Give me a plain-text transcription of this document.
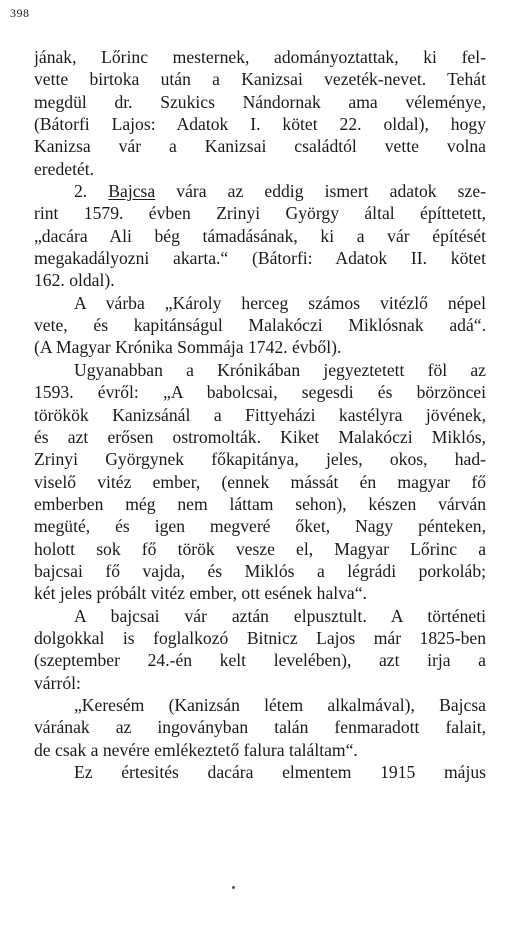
398
jának, Lőrinc mesternek, adományoztattak, ki fel-
vette birtoka után a Kanizsai vezeték-nevet. Tehát
megdül dr. Szukics Nándornak ama véleménye,
(Bátorfi Lajos: Adatok I. kötet 22. oldal), hogy
Kanizsa vár a Kanizsai családtól vette volna
eredetét.
2. Bajcsa vára az eddig ismert adatok sze-
rint 1579. évben Zrinyi György által építtetett,
„dacára Ali bég támadásának, ki a vár építését
megakadályozni akarta.“ (Bátorfi: Adatok II. kötet
162. oldal).
A várba „Károly herceg számos vitézlő népel
vete, és kapitánságul Malakóczi Miklósnak adá“.
(A Magyar Krónika Sommája 1742. évből).
Ugyanabban a Krónikában jegyeztetett föl az
1593. évről: „A babolcsai, segesdi és börzöncei
törökök Kanizsánál a Fittyeházi kastélyra jövének,
és azt erősen ostromolták. Kiket Malakóczi Miklós,
Zrinyi Györgynek főkapitánya, jeles, okos, had-
viselő vitéz ember, (ennek mássát én magyar fő
emberben még nem láttam sehon), készen várván
megüté, és igen megveré őket, Nagy pénteken,
holott sok fő török vesze el, Magyar Lőrinc a
bajcsai fő vajda, és Miklós a légrádi porkoláb;
két jeles próbált vitéz ember, ott esének halva“.
A bajcsai vár aztán elpusztult. A történeti
dolgokkal is foglalkozó Bitnicz Lajos már 1825-ben
(szeptember 24.-én kelt levelében), azt irja a
várról:
„Keresém (Kanizsán létem alkalmával), Bajcsa
várának az ingoványban talán fenmaradott falait,
de csak a nevére emlékeztető falura találtam“.
Ez értesités dacára elmentem 1915 május
